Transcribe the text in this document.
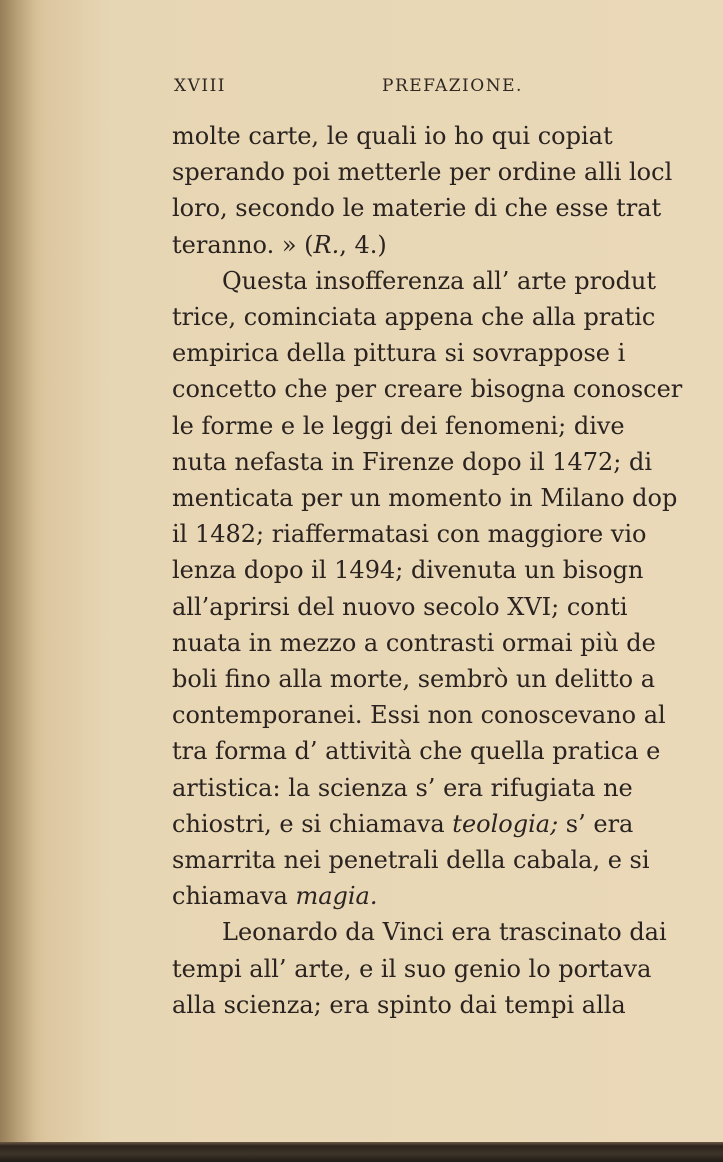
XVIII	PREFAZIONE.
molte carte, le quali io ho qui copiat
sperando poi metterle per ordine alli locl
loro, secondo le materie di che esse trat
teranno. » (R., 4.)
Questa insofferenza all’ arte produt
trice, cominciata appena che alla pratic
empirica della pittura si sovrappose i
concetto che per creare bisogna conoscer
le forme e le leggi dei fenomeni; dive
nuta nefasta in Firenze dopo il 1472; di
menticata per un momento in Milano dop
il 1482; riaffermatasi con maggiore vio
lenza dopo il 1494; divenuta un bisogn
all’aprirsi del nuovo secolo XVI; conti
nuata in mezzo a contrasti ormai più de
boli fino alla morte, sembrò un delitto a
contemporanei. Essi non conoscevano al
tra forma d’ attività che quella pratica e
artistica: la scienza s’ era rifugiata ne
chiostri, e si chiamava teologia; s’ era
smarrita nei penetrali della cabala, e si
chiamava magia.
Leonardo da Vinci era trascinato dai
tempi all’ arte, e il suo genio lo portava
alla scienza; era spinto dai tempi alla
